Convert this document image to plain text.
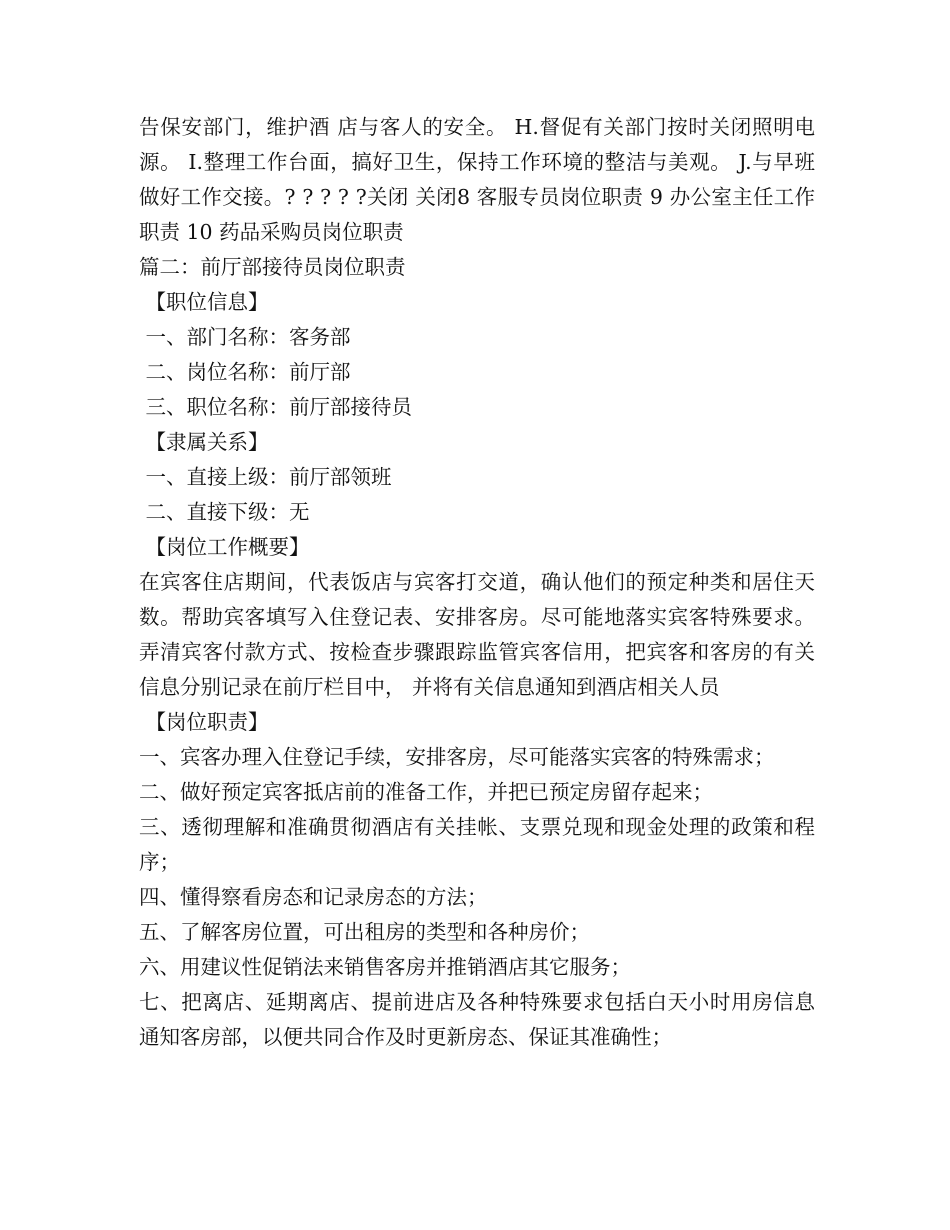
告保安部门，维护酒 店与客人的安全。 H.督促有关部门按时关闭照明电源。 I.整理工作台面，搞好卫生，保持工作环境的整洁与美观。 J.与早班做好工作交接。? ? ? ? ?关闭 关闭8 客服专员岗位职责 9 办公室主任工作职责 10 药品采购员岗位职责
篇二：前厅部接待员岗位职责
【职位信息】
一、部门名称：客务部
二、岗位名称：前厅部
三、职位名称：前厅部接待员
【隶属关系】
一、直接上级：前厅部领班
二、直接下级：无
【岗位工作概要】
在宾客住店期间，代表饭店与宾客打交道，确认他们的预定种类和居住天数。帮助宾客填写入住登记表、安排客房。尽可能地落实宾客特殊要求。弄清宾客付款方式、按检查步骤跟踪监管宾客信用，把宾客和客房的有关信息分别记录在前厅栏目中， 并将有关信息通知到酒店相关人员
【岗位职责】
一、宾客办理入住登记手续，安排客房，尽可能落实宾客的特殊需求；
二、做好预定宾客抵店前的准备工作，并把已预定房留存起来；
三、透彻理解和准确贯彻酒店有关挂帐、支票兑现和现金处理的政策和程序；
四、懂得察看房态和记录房态的方法；
五、了解客房位置，可出租房的类型和各种房价；
六、用建议性促销法来销售客房并推销酒店其它服务；
七、把离店、延期离店、提前进店及各种特殊要求包括白天小时用房信息通知客房部，以便共同合作及时更新房态、保证其准确性；
